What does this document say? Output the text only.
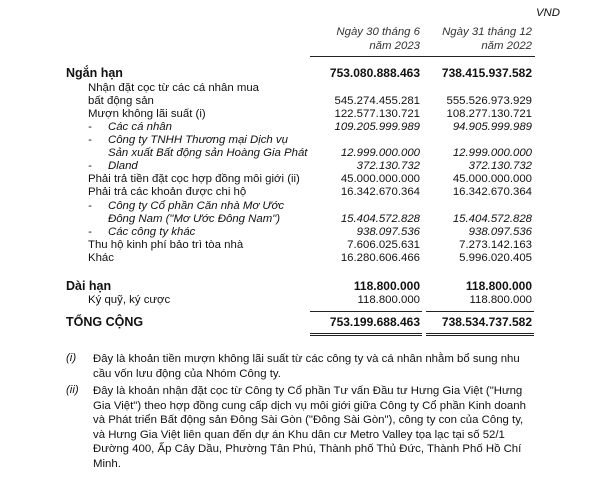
VND
Ngày 30 tháng 6
năm 2023
Ngày 31 tháng 12
năm 2022
Ngắn hạn	753.080.888.463	738.415.937.582
Nhận đặt cọc từ các cá nhân mua
bất động sản	545.274.455.281	555.526.973.929
Mượn không lãi suất (i)	122.577.130.721	108.277.130.721
- Các cá nhân	109.205.999.989	94.905.999.989
- Công ty TNHH Thương mại Dịch vụ
Sản xuất Bất động sản Hoàng Gia Phát	12.999.000.000	12.999.000.000
- Dland	372.130.732	372.130.732
Phải trả tiền đặt cọc hợp đồng môi giới (ii)	45.000.000.000	45.000.000.000
Phải trả các khoản được chi hộ	16.342.670.364	16.342.670.364
- Công ty Cổ phần Căn nhà Mơ Ước
Đông Nam ("Mơ Ước Đông Nam")	15.404.572.828	15.404.572.828
- Các công ty khác	938.097.536	938.097.536
Thu hộ kinh phí bảo trì tòa nhà	7.606.025.631	7.273.142.163
Khác	16.280.606.466	5.996.020.405
Dài hạn	118.800.000	118.800.000
Ký quỹ, ký cược	118.800.000	118.800.000
TỔNG CỘNG	753.199.688.463	738.534.737.582
(i) Đây là khoản tiền mượn không lãi suất từ các công ty và cá nhân nhằm bổ sung nhu
cầu vốn lưu động của Nhóm Công ty.
(ii) Đây là khoản nhận đặt cọc từ Công ty Cổ phần Tư vấn Đầu tư Hưng Gia Việt ("Hưng
Gia Việt") theo hợp đồng cung cấp dịch vụ môi giới giữa Công ty Cổ phần Kinh doanh
và Phát triển Bất động sản Đông Sài Gòn ("Đông Sài Gòn"), công ty con của Công ty,
và Hưng Gia Việt liên quan đến dự án Khu dân cư Metro Valley tọa lạc tại số 52/1
Đường 400, Ấp Cây Dầu, Phường Tân Phú, Thành phố Thủ Đức, Thành Phố Hồ Chí
Minh.
